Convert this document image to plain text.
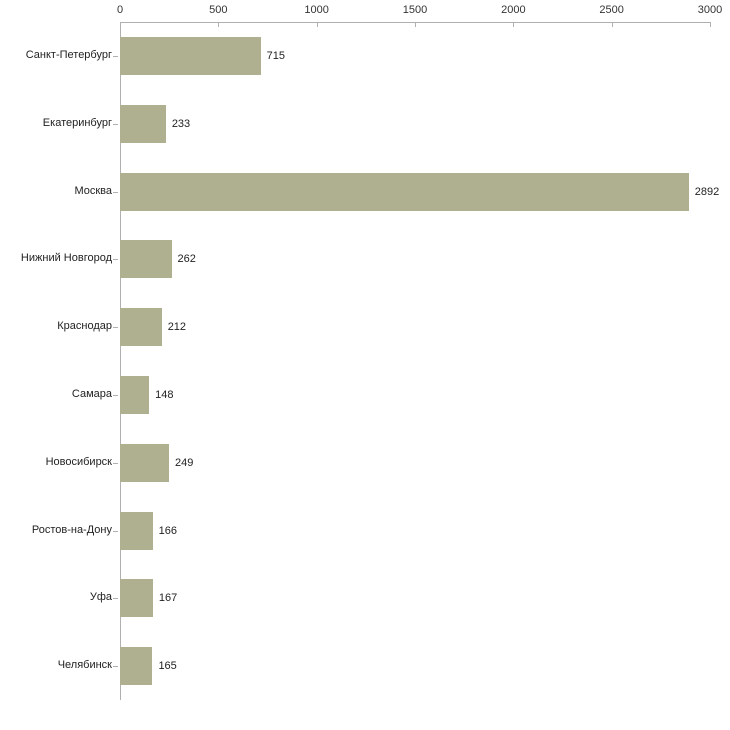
0	500	1000	1500	2000	2500	3000
715
233
2892
262
212
148
249
166
167
165
Санкт-Петербург
Екатеринбург
Москва
Нижний Новгород
Краснодар
Самара
Новосибирск
Ростов-на-Дону
Уфа
Челябинск
